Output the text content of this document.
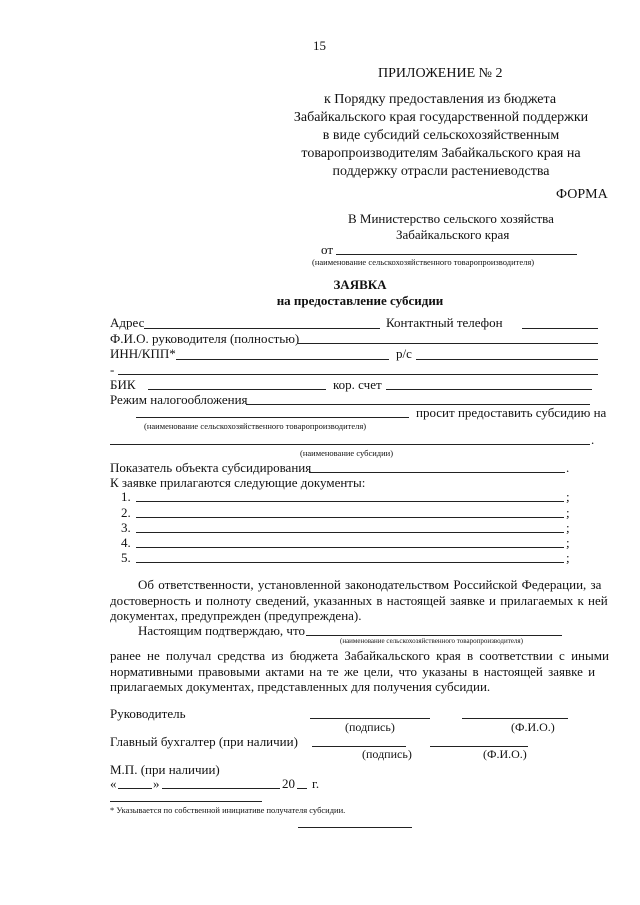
15
ПРИЛОЖЕНИЕ № 2
к Порядку предоставления из бюджета
Забайкальского края государственной поддержки
в виде субсидий сельскохозяйственным
товаропроизводителям Забайкальского края на
поддержку отрасли растениеводства
ФОРМА
В Министерство сельского хозяйства
Забайкальского края
от
(наименование сельскохозяйственного товаропроизводителя)
ЗАЯВКА
на предоставление субсидии
Адрес	Контактный телефон
Ф.И.О. руководителя (полностью)
ИНН/КПП*	р/с
-
БИК	кор. счет
Режим налогообложения
просит предоставить субсидию на
(наименование сельскохозяйственного товаропроизводителя)
.
(наименование субсидии)
Показатель объекта субсидирования	.
К заявке прилагаются следующие документы:
1.	;
2.	;
3.	;
4.	;
5.	;
Об ответственности, установленной законодательством Российской Федерации, за
достоверность и полноту сведений, указанных в настоящей заявке и прилагаемых к ней
документах, предупрежден (предупреждена).
Настоящим подтверждаю, что
(наименование сельскохозяйственного товаропроизводителя)
ранее не получал средства из бюджета Забайкальского края в соответствии с иными
нормативными правовыми актами на те же цели, что указаны в настоящей заявке и
прилагаемых документах, представленных для получения субсидии.
Руководитель
(подпись)	(Ф.И.О.)
Главный бухгалтер (при наличии)
(подпись)	(Ф.И.О.)
М.П. (при наличии)
«	»	20 г.
* Указывается по собственной инициативе получателя субсидии.
